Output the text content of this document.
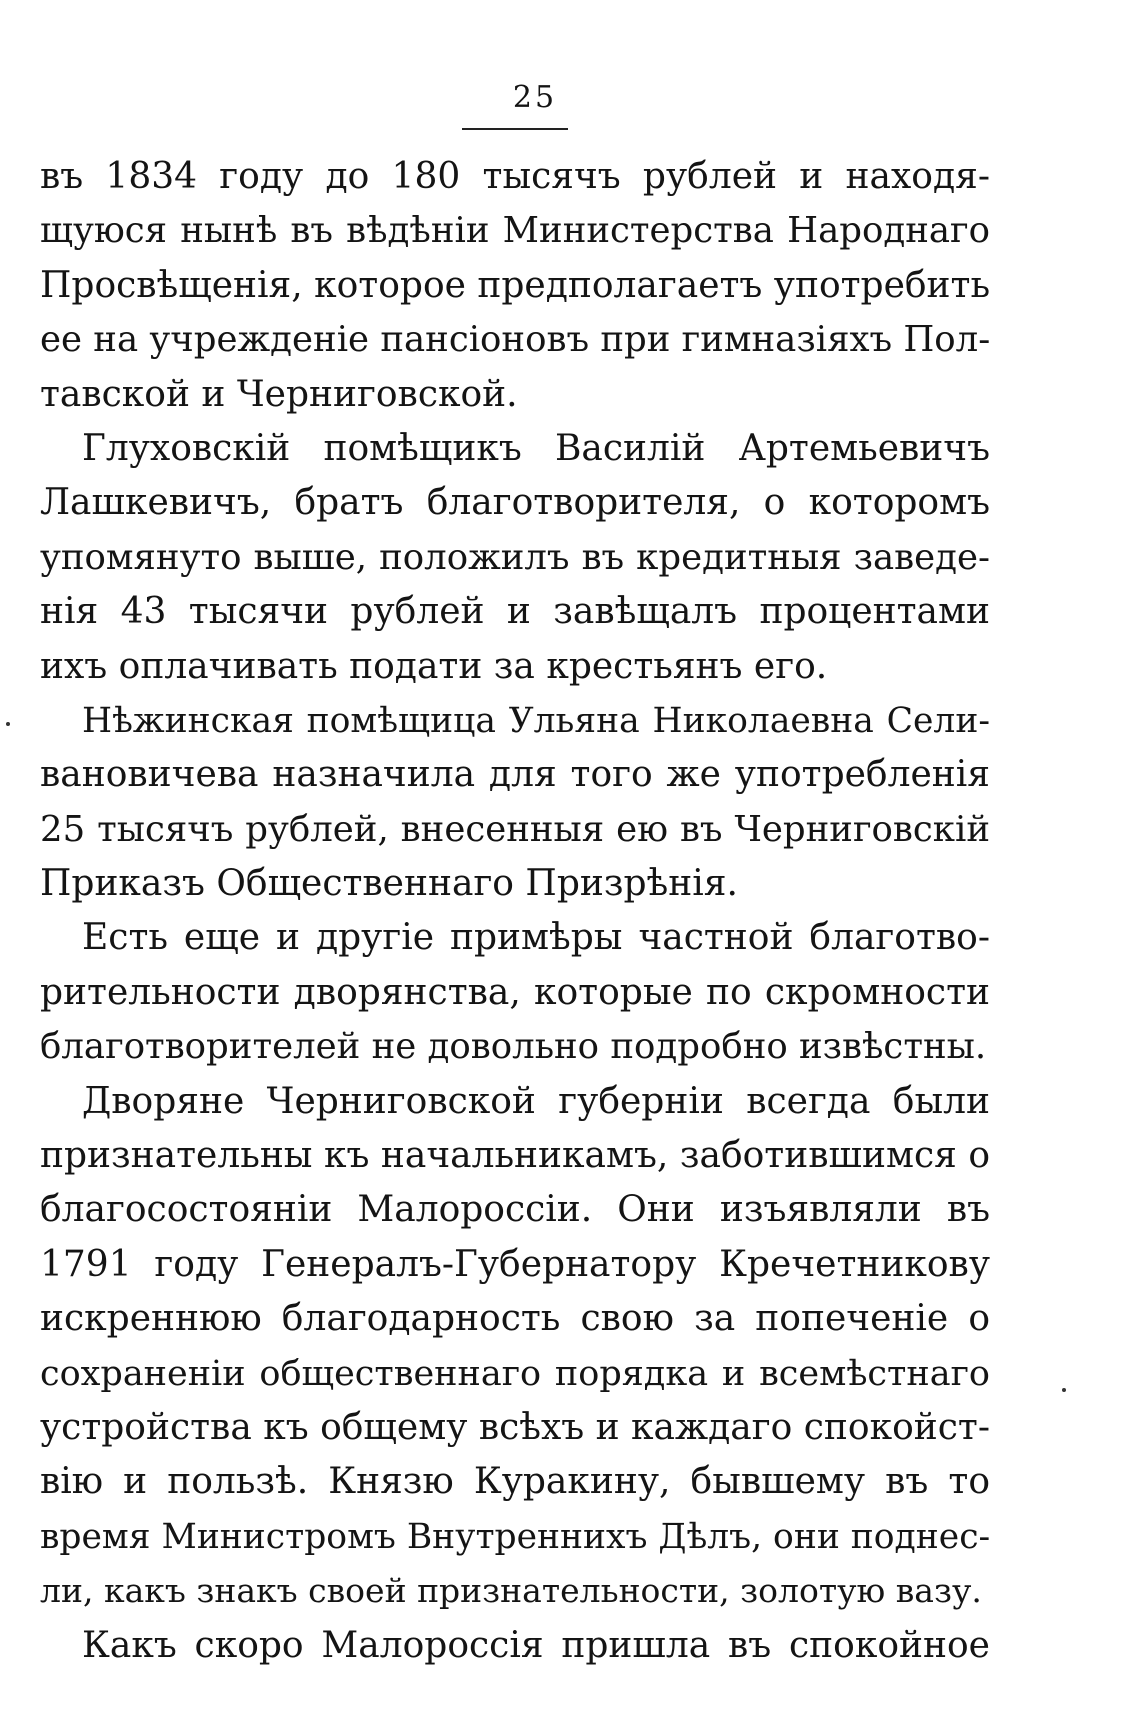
25
въ 1834 году до 180 тысячъ рублей и находя-
щуюся нынѣ въ вѣдѣніи Министерства Народнаго
Просвѣщенія, которое предполагаетъ употребить
ее на учрежденіе пансіоновъ при гимназіяхъ Пол-
тавской и Черниговской.
Глуховскій помѣщикъ Василій Артемьевичъ
Лашкевичъ, братъ благотворителя, о которомъ
упомянуто выше, положилъ въ кредитныя заведе-
нія 43 тысячи рублей и завѣщалъ процентами
ихъ оплачивать подати за крестьянъ его.
Нѣжинская помѣщица Ульяна Николаевна Сели-
вановичева назначила для того же употребленія
25 тысячъ рублей, внесенныя ею въ Черниговскій
Приказъ Общественнаго Призрѣнія.
Есть еще и другіе примѣры частной благотво-
рительности дворянства, которые по скромности
благотворителей не довольно подробно извѣстны.
Дворяне Черниговской губерніи всегда были
признательны къ начальникамъ, заботившимся о
благосостояніи Малороссіи. Они изъявляли въ
1791 году Генералъ-Губернатору Кречетникову
искреннюю благодарность свою за попеченіе о
сохраненіи общественнаго порядка и всемѣстнаго
устройства къ общему всѣхъ и каждаго спокойст-
вію и пользѣ. Князю Куракину, бывшему въ то
время Министромъ Внутреннихъ Дѣлъ, они поднес-
ли, какъ знакъ своей признательности, золотую вазу.
Какъ скоро Малороссія пришла въ спокойное
